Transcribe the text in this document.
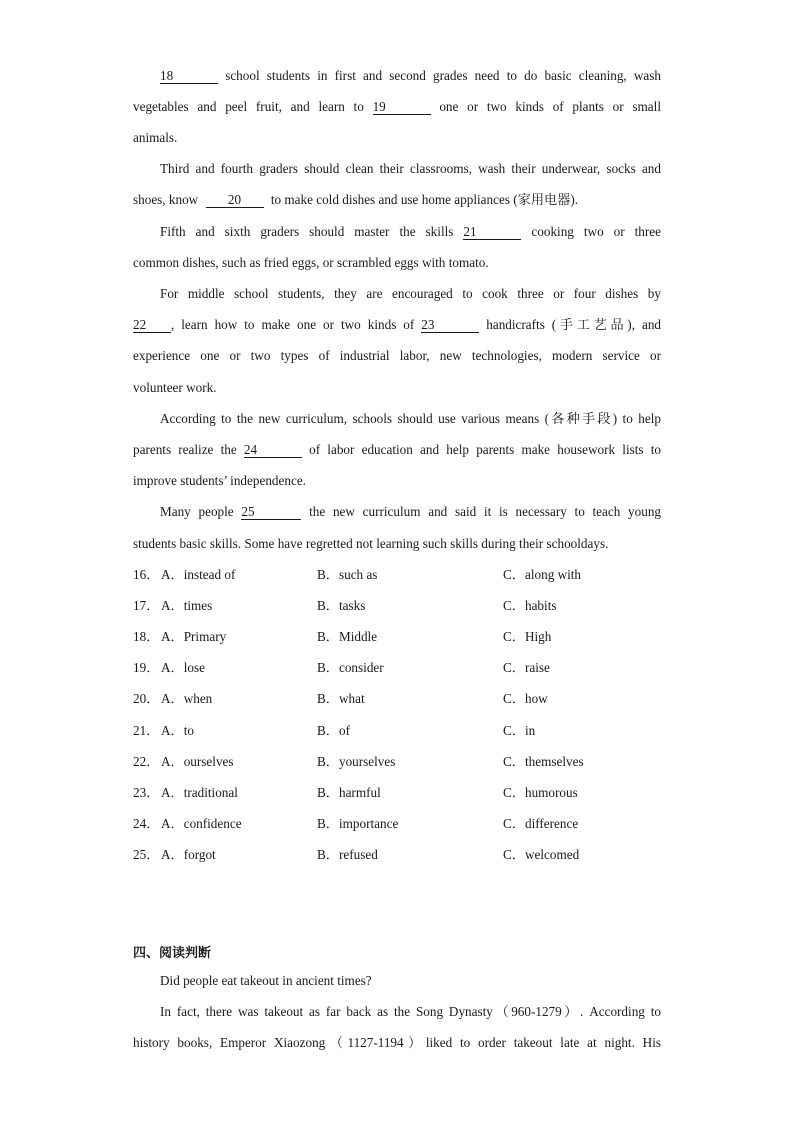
18	school students in first and second grades need to do basic cleaning, wash
vegetables and peel fruit, and learn to 19	one or two kinds of plants or small
animals.
Third and fourth graders should clean their classrooms, wash their underwear, socks and
shoes, know 20 to make cold dishes and use home appliances (家用电器).
Fifth and sixth graders should master the skills 21	cooking two or three
common dishes, such as fried eggs, or scrambled eggs with tomato.
For middle school students, they are encouraged to cook three or four dishes by
22 , learn how to make one or two kinds of 23	handicrafts (手工艺品), and
experience one or two types of industrial labor, new technologies, modern service or
volunteer work.
According to the new curriculum, schools should use various means (各种手段) to help
parents realize the 24	of labor education and help parents make housework lists to
improve students’ independence.
Many people 25	the new curriculum and said it is necessary to teach young
students basic skills. Some have regretted not learning such skills during their schooldays.
16． A．instead of	B．such as	C．along with
17． A．times	B．tasks	C．habits
18． A．Primary	B．Middle	C．High
19． A．lose	B．consider	C．raise
20． A．when	B．what	C．how
21． A．to	B．of	C．in
22． A．ourselves	B．yourselves	C．themselves
23． A．traditional	B．harmful	C．humorous
24． A．confidence	B．importance	C．difference
25． A．forgot	B．refused	C．welcomed
四、阅读判断
Did people eat takeout in ancient times?
In fact, there was takeout as far back as the Song Dynasty（960-1279）. According to
history books, Emperor Xiaozong（1127-1194）liked to order takeout late at night. His
